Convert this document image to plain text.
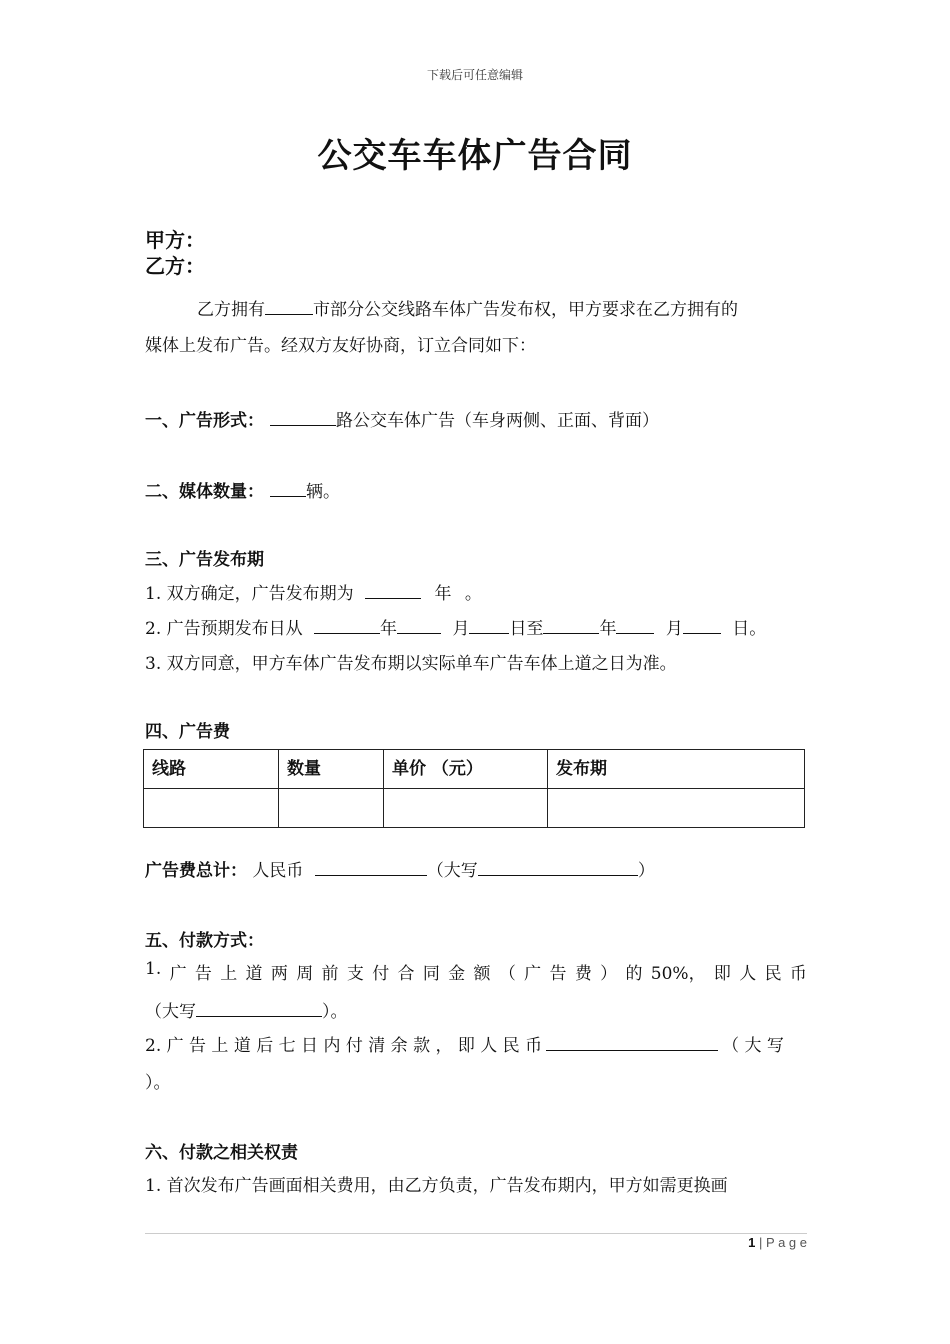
下载后可任意编辑
公交车车体广告合同
甲方：
乙方：
乙方拥有	市部分公交线路车体广告发布权，甲方要求在乙方拥有的
媒体上发布广告。经双方友好协商，订立合同如下：
一、广告形式：	路公交车体广告（车身两侧、正面、背面）
二、媒体数量： 辆。
三、广告发布期
1. 双方确定，广告发布期为	年 。
2. 广告预期发布日从	年	月 日至	年	月	日。
3. 双方同意，甲方车体广告发布期以实际单车广告车体上道之日为准。
四、广告费
线路	数量	单价 （元）	发布期

广告费总计： 人民币	（大写	）
五、付款方式：
1. 广 告 上 道 两 周 前 支 付 合 同 金 额 （ 广 告 费 ） 的 50%， 即 人 民 币
（大写	）。
2. 广 告 上 道 后 七 日 内 付 清 余 款 ， 即 人 民 币	（ 大 写
）。
六、付款之相关权责
1. 首次发布广告画面相关费用，由乙方负责，广告发布期内，甲方如需更换画
1 | P a g e
